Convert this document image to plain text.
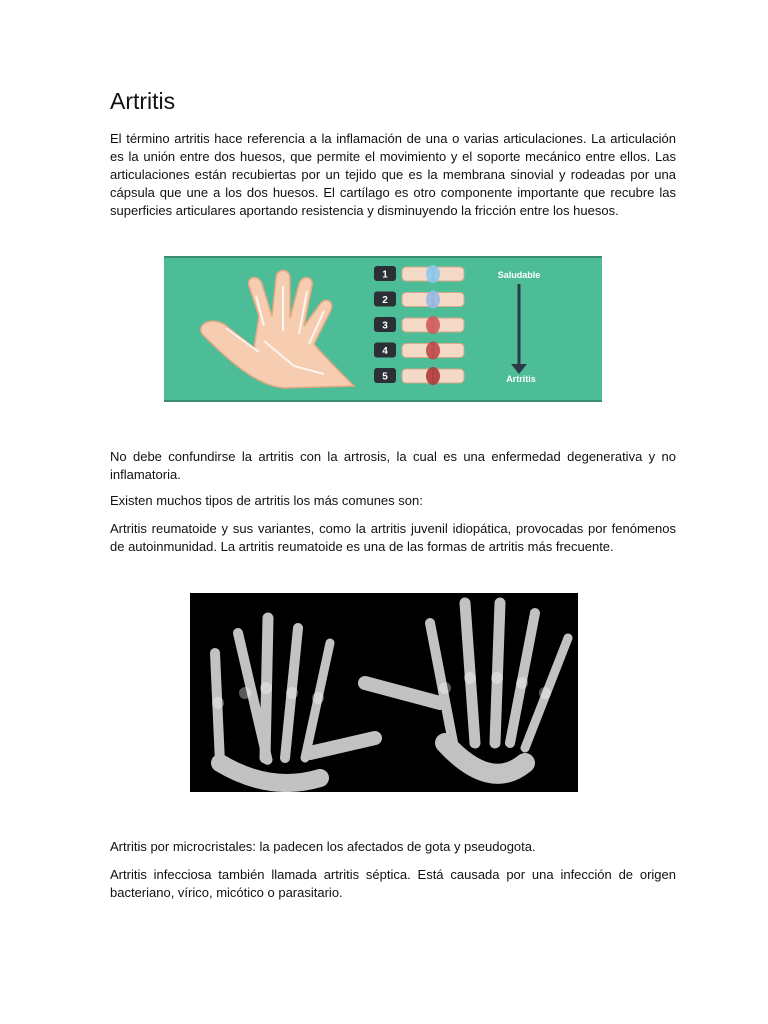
Artritis

El término artritis hace referencia a la inflamación de una o varias articulaciones. La articulación es la unión entre dos huesos, que permite el movimiento y el soporte mecánico entre ellos. Las articulaciones están recubiertas por un tejido que es la membrana sinovial y rodeadas por una cápsula que une a los dos huesos. El cartílago es otro componente importante que recubre las superficies articulares aportando resistencia y disminuyendo la fricción entre los huesos.

1
2
3
4
5
Saludable
Artritis

No debe confundirse la artritis con la artrosis, la cual es una enfermedad degenerativa y no inflamatoria.

Existen muchos tipos de artritis los más comunes son:

Artritis reumatoide y sus variantes, como la artritis juvenil idiopática, provocadas por fenómenos de autoinmunidad. La artritis reumatoide es una de las formas de artritis más frecuente.

Artritis por microcristales: la padecen los afectados de gota y pseudogota.

Artritis infecciosa también llamada artritis séptica. Está causada por una infección de origen bacteriano, vírico, micótico o parasitario.
